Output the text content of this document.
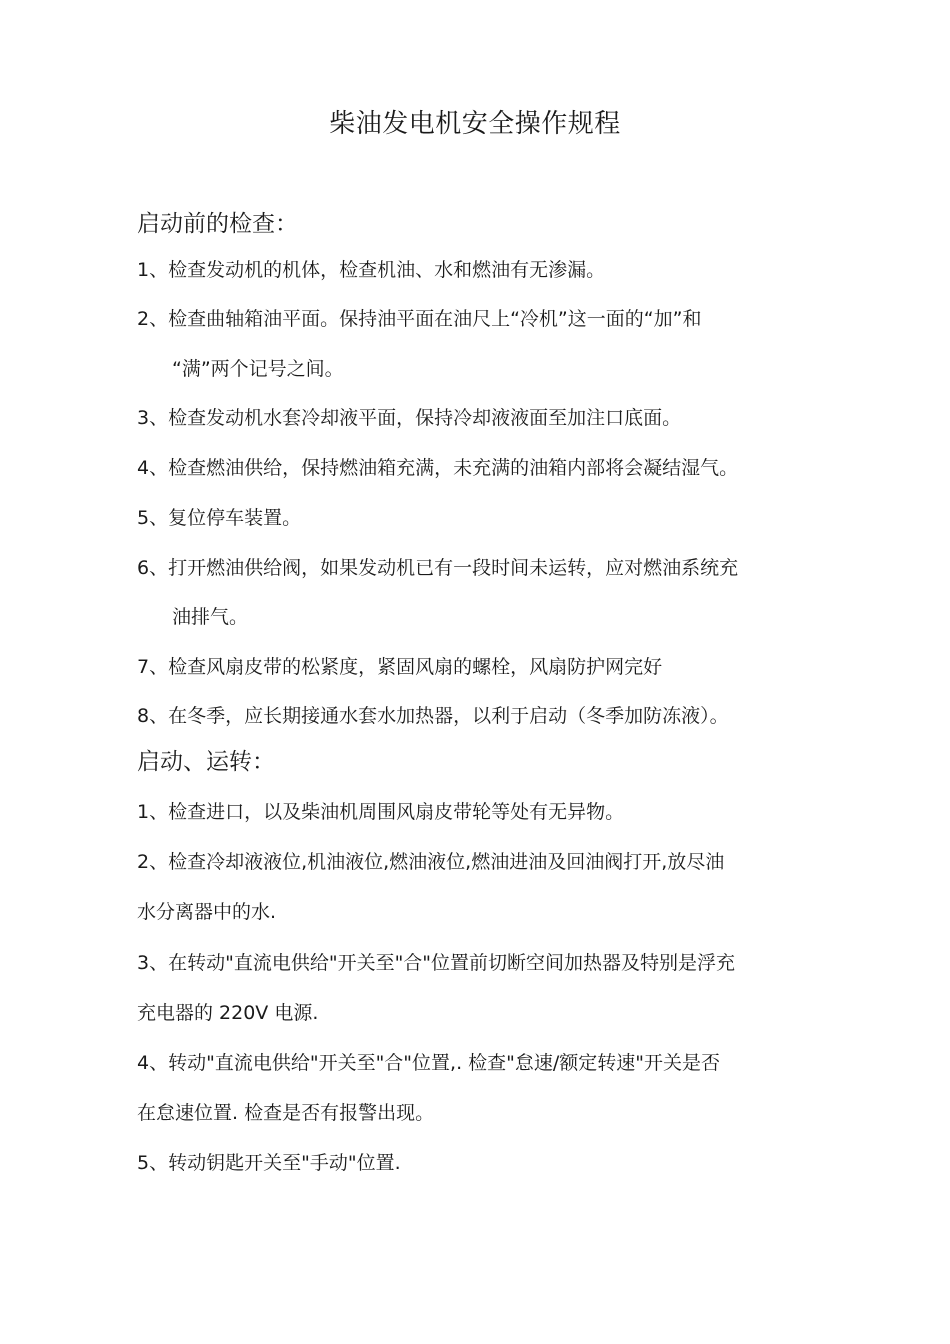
柴油发电机安全操作规程
启动前的检查：
1、检查发动机的机体，检查机油、水和燃油有无渗漏。
2、检查曲轴箱油平面。保持油平面在油尺上“冷机”这一面的“加”和
“满”两个记号之间。
3、检查发动机水套冷却液平面，保持冷却液液面至加注口底面。
4、检查燃油供给，保持燃油箱充满，未充满的油箱内部将会凝结湿气。
5、复位停车装置。
6、打开燃油供给阀，如果发动机已有一段时间未运转，应对燃油系统充
油排气。
7、检查风扇皮带的松紧度，紧固风扇的螺栓，风扇防护网完好
8、在冬季，应长期接通水套水加热器，以利于启动（冬季加防冻液）。
启动、运转：
1、检查进口，以及柴油机周围风扇皮带轮等处有无异物。
2、检查冷却液液位,机油液位,燃油液位,燃油进油及回油阀打开,放尽油
水分离器中的水.
3、在转动"直流电供给"开关至"合"位置前切断空间加热器及特别是浮充
充电器的 220V 电源.
4、转动"直流电供给"开关至"合"位置,. 检查"怠速/额定转速"开关是否
在怠速位置. 检查是否有报警出现。
5、转动钥匙开关至"手动"位置.
